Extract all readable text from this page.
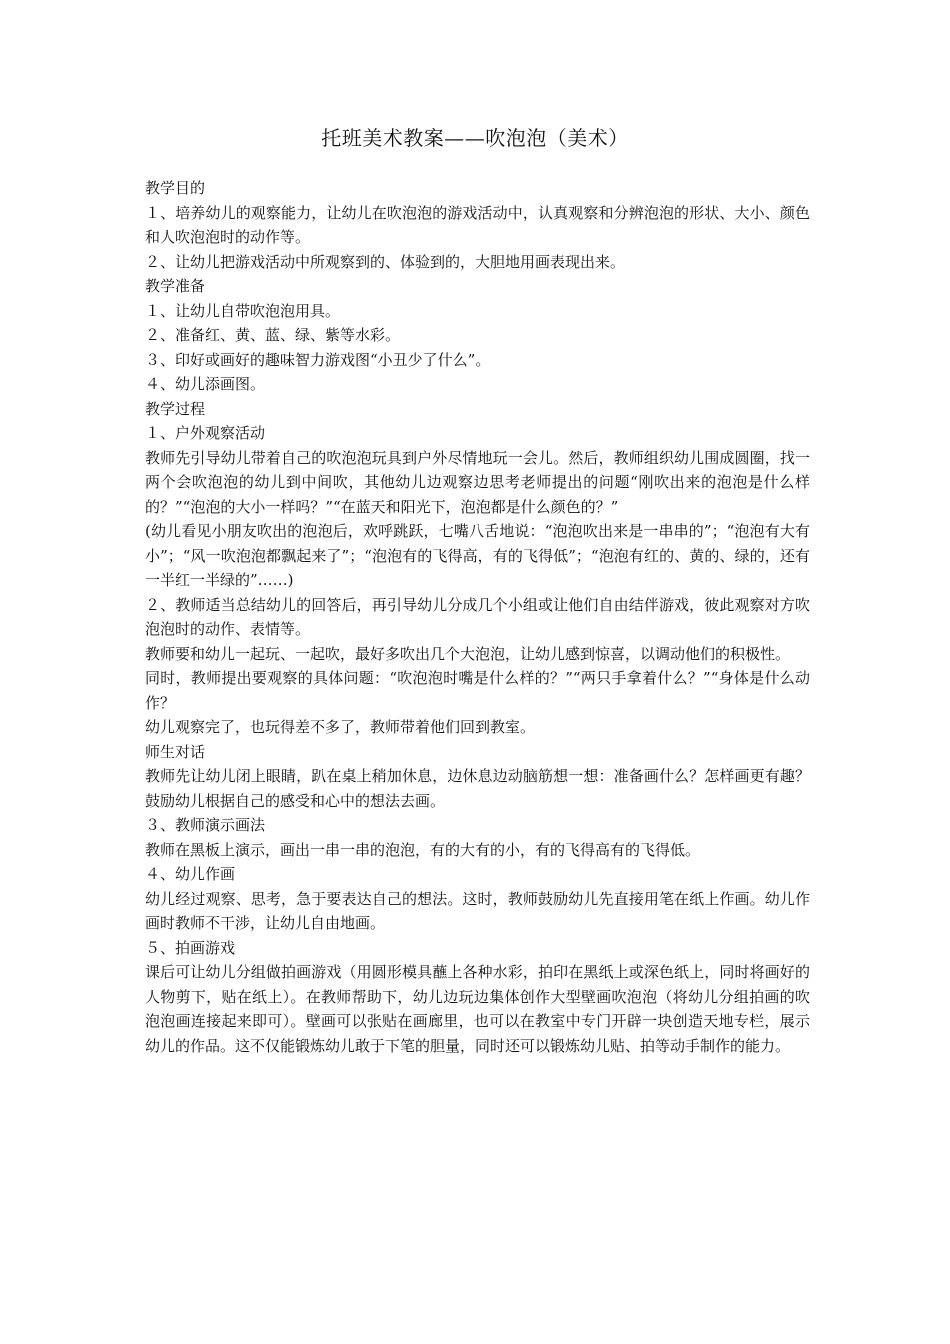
托班美术教案——吹泡泡（美术）

教学目的

１、培养幼儿的观察能力，让幼儿在吹泡泡的游戏活动中，认真观察和分辨泡泡的形状、大小、颜色和人吹泡泡时的动作等。

２、让幼儿把游戏活动中所观察到的、体验到的，大胆地用画表现出来。

教学准备

１、让幼儿自带吹泡泡用具。

２、准备红、黄、蓝、绿、紫等水彩。

３、印好或画好的趣味智力游戏图“小丑少了什么”。

４、幼儿添画图。

教学过程

１、户外观察活动

教师先引导幼儿带着自己的吹泡泡玩具到户外尽情地玩一会儿。然后，教师组织幼儿围成圆圈，找一两个会吹泡泡的幼儿到中间吹，其他幼儿边观察边思考老师提出的问题“刚吹出来的泡泡是什么样的？”“泡泡的大小一样吗？”“在蓝天和阳光下，泡泡都是什么颜色的？”

(幼儿看见小朋友吹出的泡泡后，欢呼跳跃，七嘴八舌地说：“泡泡吹出来是一串串的”；“泡泡有大有小”；“风一吹泡泡都飘起来了”；“泡泡有的飞得高，有的飞得低”；“泡泡有红的、黄的、绿的，还有一半红一半绿的”……)

２、教师适当总结幼儿的回答后，再引导幼儿分成几个小组或让他们自由结伴游戏，彼此观察对方吹泡泡时的动作、表情等。

教师要和幼儿一起玩、一起吹，最好多吹出几个大泡泡，让幼儿感到惊喜，以调动他们的积极性。

同时，教师提出要观察的具体问题：“吹泡泡时嘴是什么样的？”“两只手拿着什么？”“身体是什么动作？

幼儿观察完了，也玩得差不多了，教师带着他们回到教室。

师生对话

教师先让幼儿闭上眼睛，趴在桌上稍加休息，边休息边动脑筋想一想：准备画什么？怎样画更有趣？鼓励幼儿根据自己的感受和心中的想法去画。

３、教师演示画法

教师在黑板上演示，画出一串一串的泡泡，有的大有的小，有的飞得高有的飞得低。

４、幼儿作画

幼儿经过观察、思考，急于要表达自己的想法。这时，教师鼓励幼儿先直接用笔在纸上作画。幼儿作画时教师不干涉，让幼儿自由地画。

５、拍画游戏

课后可让幼儿分组做拍画游戏（用圆形模具蘸上各种水彩，拍印在黑纸上或深色纸上，同时将画好的人物剪下，贴在纸上）。在教师帮助下，幼儿边玩边集体创作大型壁画吹泡泡（将幼儿分组拍画的吹泡泡画连接起来即可）。壁画可以张贴在画廊里，也可以在教室中专门开辟一块创造天地专栏，展示幼儿的作品。这不仅能锻炼幼儿敢于下笔的胆量，同时还可以锻炼幼儿贴、拍等动手制作的能力。
